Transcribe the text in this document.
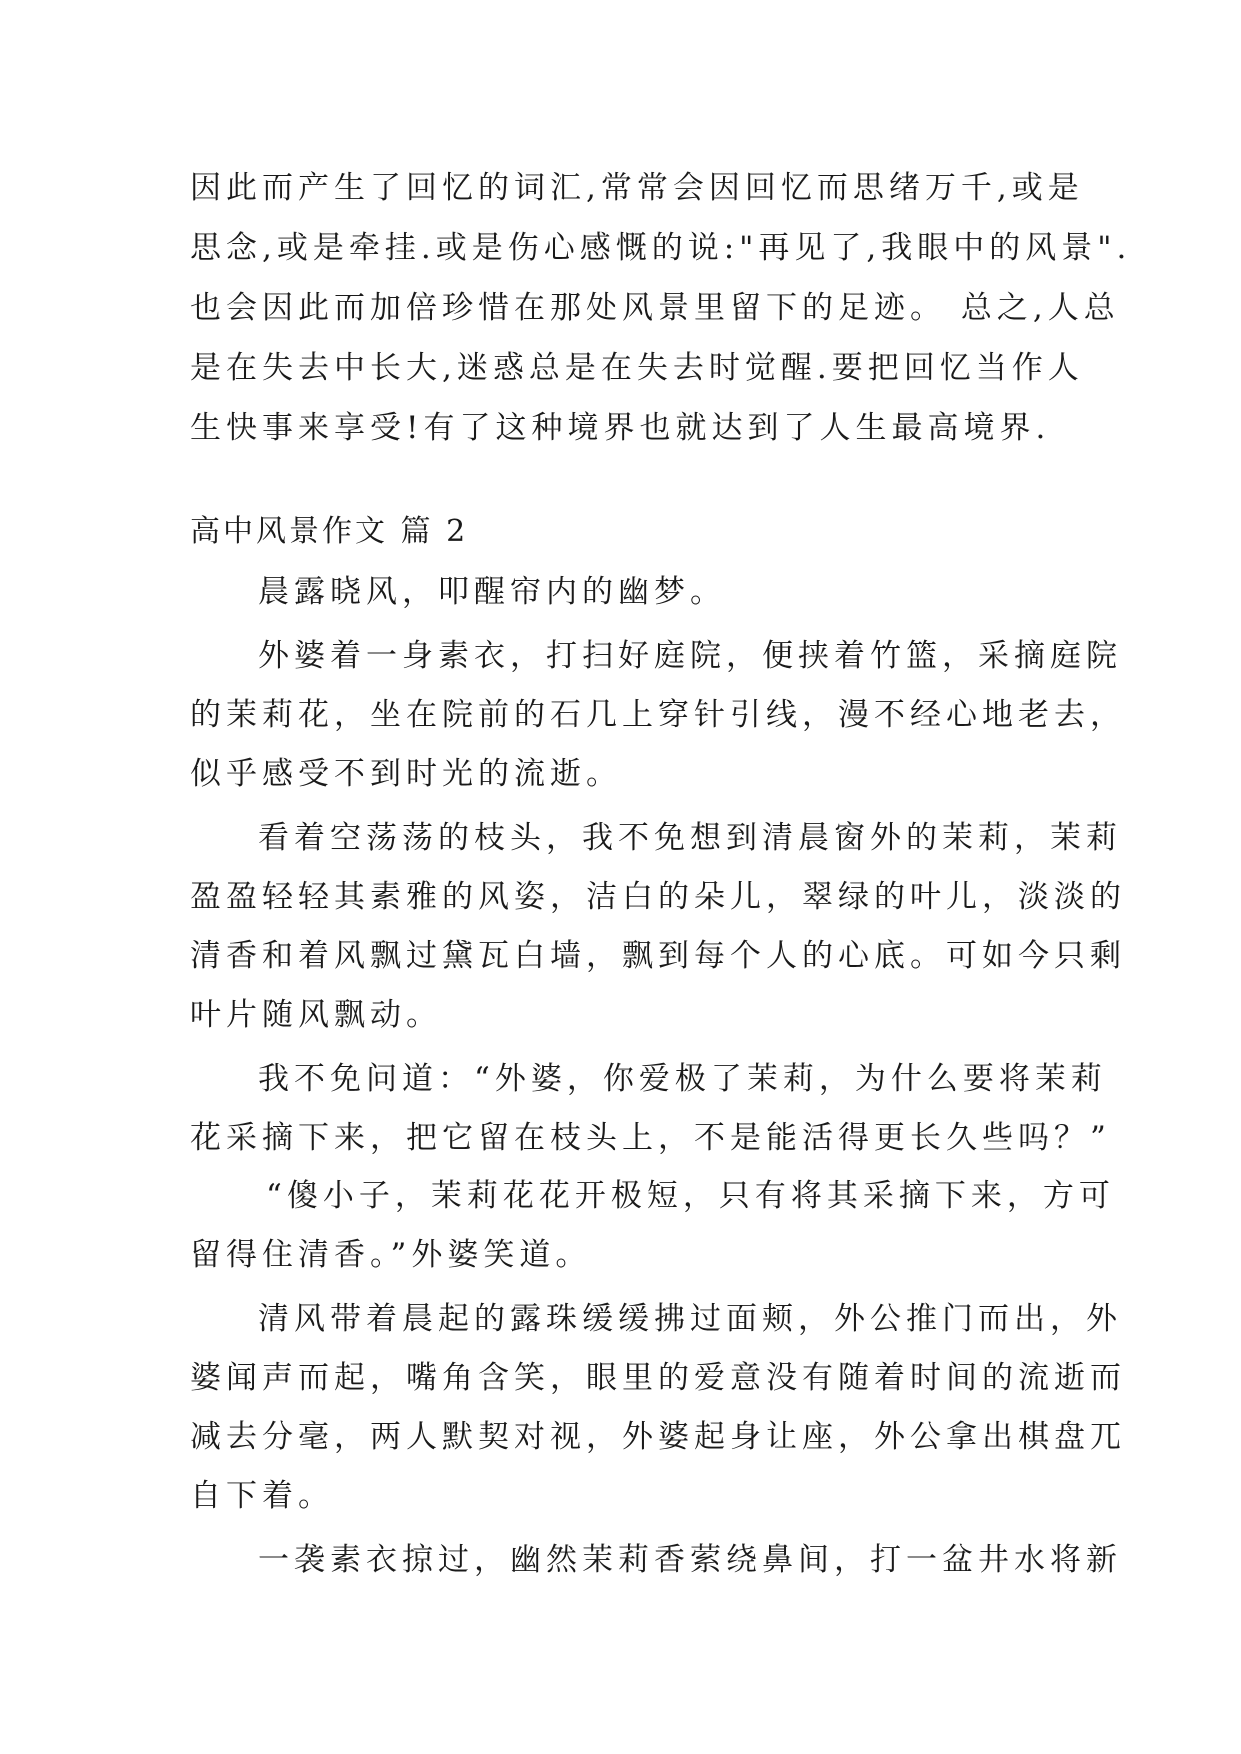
因此而产生了回忆的词汇,常常会因回忆而思绪万千,或是

思念,或是牵挂.或是伤心感慨的说:"再见了,我眼中的风景".

也会因此而加倍珍惜在那处风景里留下的足迹。 总之,人总

是在失去中长大,迷惑总是在失去时觉醒.要把回忆当作人

生快事来享受!有了这种境界也就达到了人生最高境界.

高中风景作文 篇 2

晨露晓风，叩醒帘内的幽梦。

外婆着一身素衣，打扫好庭院，便挟着竹篮，采摘庭院

的茉莉花，坐在院前的石几上穿针引线，漫不经心地老去，

似乎感受不到时光的流逝。

看着空荡荡的枝头，我不免想到清晨窗外的茉莉，茉莉

盈盈轻轻其素雅的风姿，洁白的朵儿，翠绿的叶儿，淡淡的

清香和着风飘过黛瓦白墙，飘到每个人的心底。可如今只剩

叶片随风飘动。

我不免问道：“外婆，你爱极了茉莉，为什么要将茉莉

花采摘下来，把它留在枝头上，不是能活得更长久些吗？”

“傻小子，茉莉花花开极短，只有将其采摘下来，方可

留得住清香。”外婆笑道。

清风带着晨起的露珠缓缓拂过面颊，外公推门而出，外

婆闻声而起，嘴角含笑，眼里的爱意没有随着时间的流逝而

减去分毫，两人默契对视，外婆起身让座，外公拿出棋盘兀

自下着。

一袭素衣掠过，幽然茉莉香萦绕鼻间，打一盆井水将新
